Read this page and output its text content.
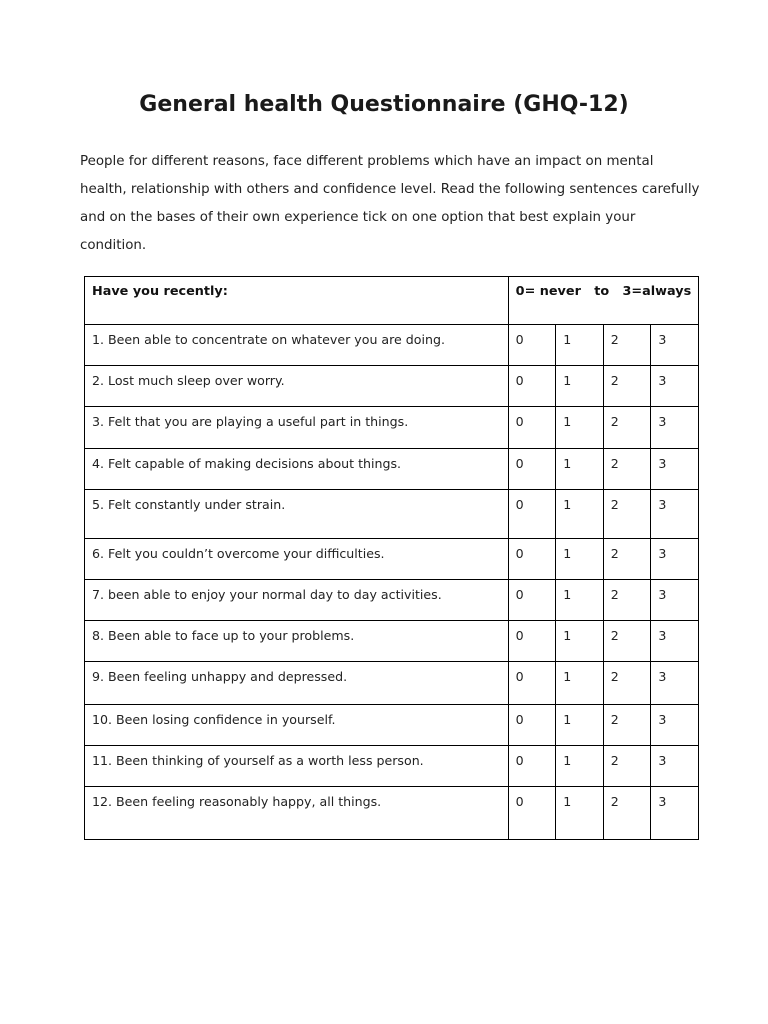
General health Questionnaire (GHQ-12)

People for different reasons, face different problems which have an impact on mental
health, relationship with others and confidence level. Read the following sentences carefully
and on the bases of their own experience tick on one option that best explain your
condition.

Have you recently:	0= never   to   3=always			
1. Been able to concentrate on whatever you are doing.	0	1	2	3
2. Lost much sleep over worry.	0	1	2	3
3. Felt that you are playing a useful part in things.	0	1	2	3
4. Felt capable of making decisions about things.	0	1	2	3
5. Felt constantly under strain.	0	1	2	3
6. Felt you couldn’t overcome your difficulties.	0	1	2	3
7. been able to enjoy your normal day to day activities.	0	1	2	3
8. Been able to face up to your problems.	0	1	2	3
9. Been feeling unhappy and depressed.	0	1	2	3
10. Been losing confidence in yourself.	0	1	2	3
11. Been thinking of yourself as a worth less person.	0	1	2	3
12. Been feeling reasonably happy, all things.	0	1	2	3
